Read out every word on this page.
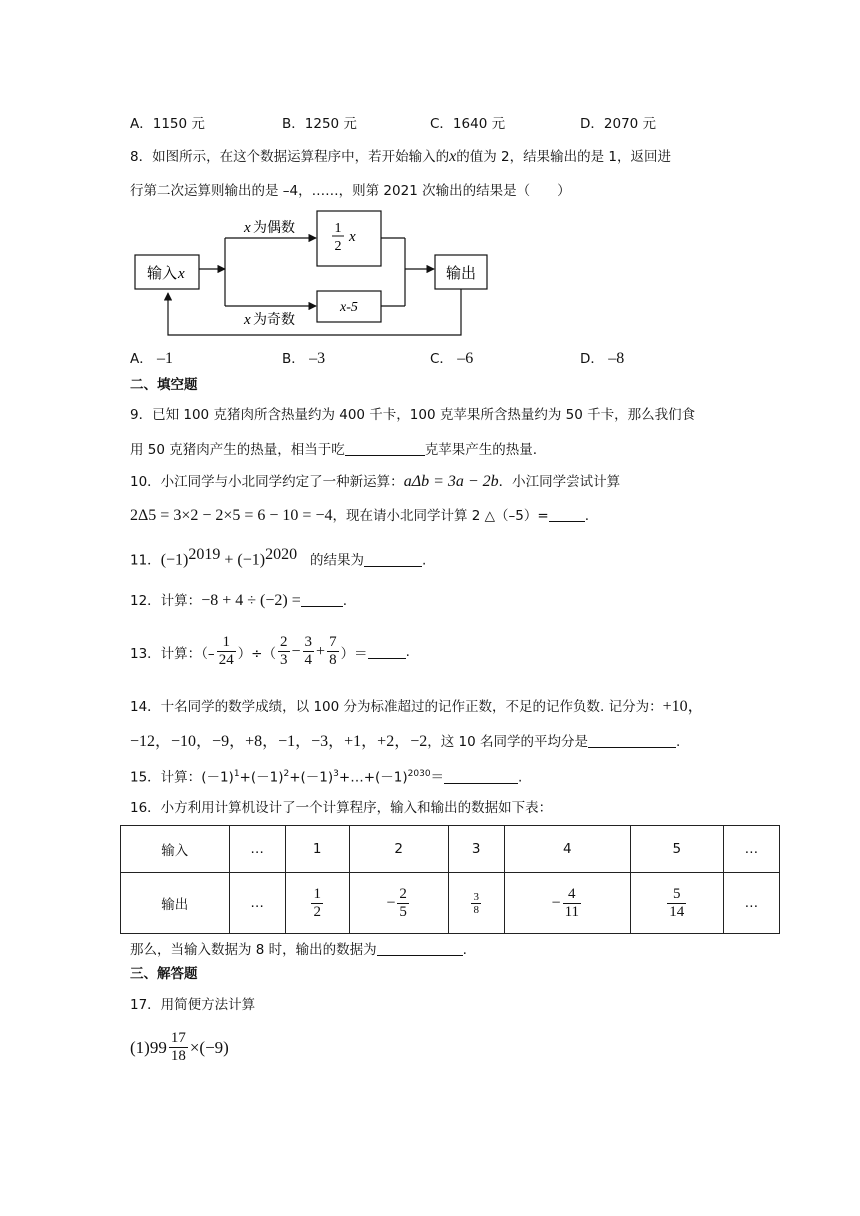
A．1150 元	B．1250 元	C．1640 元	D．2070 元
8．如图所示，在这个数据运算程序中，若开始输入的x的值为 2，结果输出的是 1，返回进
行第二次运算则输出的是 –4，……，则第 2021 次输出的结果是（　　）
输入 x
x 为偶数	1
2
x
x 为奇数
x-5
输出
A． –1	B． –3	C． –6	D． –8
二、填空题
9．已知 100 克猪肉所含热量约为 400 千卡，100 克苹果所含热量约为 50 千卡，那么我们食
用 50 克猪肉产生的热量，相当于吃	克苹果产生的热量.
10．小江同学与小北同学约定了一种新运算：aΔb = 3a − 2b．小江同学尝试计算
2Δ5 = 3×2 − 2×5 = 6 − 10 = −4，现在请小北同学计算 2 △（–5）=	.
11．$(-1)^{2019} + (-1)^{2020}$ 的结果为	.
12．计算：−8 + 4 ÷ (−2) =	.
13．计算：（– $\frac{1}{24}$ ）÷（ $\frac{2}{3} - \frac{3}{4} + \frac{7}{8}$ ）＝	.
14．十名同学的数学成绩，以 100 分为标准超过的记作正数，不足的记作负数. 记分为：+10，
−12，−10，−9，+8，−1，−3，+1，+2，−2，这 10 名同学的平均分是	.
15．计算：$(-1)^1+(-1)^2+(-1)^3+\dots+(-1)^{2030}=$	.
16．小方利用计算机设计了一个计算程序，输入和输出的数据如下表：
输入	…	1	2	3	4	5	…
输出	…	$\frac{1}{2}$	− $\frac{2}{5}$	$\frac{3}{8}$	− $\frac{4}{11}$	$\frac{5}{14}$	…
那么，当输入数据为 8 时，输出的数据为	.
三、解答题
17．用简便方法计算
(1) $99 \frac{17}{18} \times(-9)$
